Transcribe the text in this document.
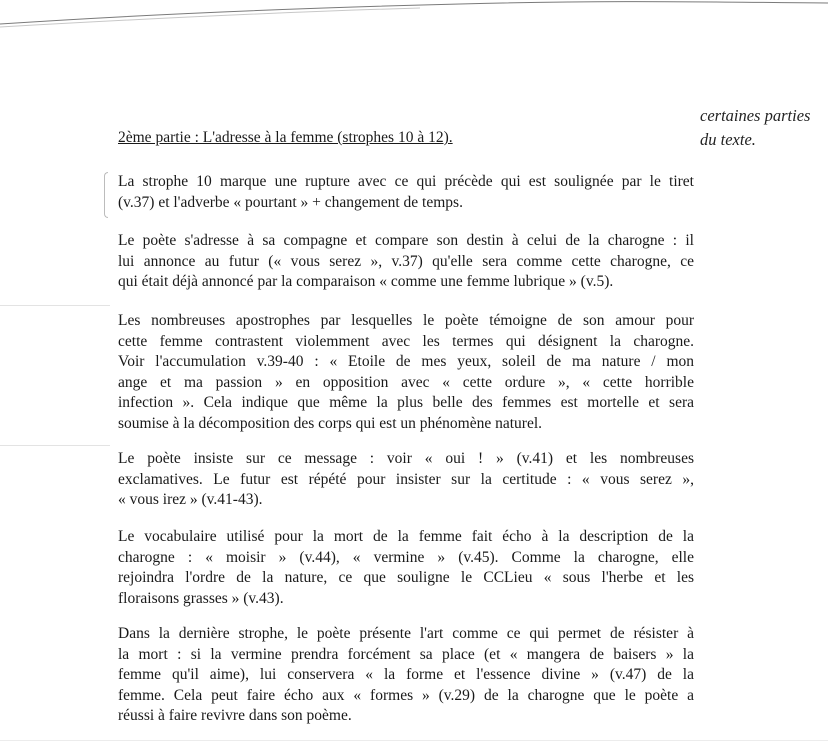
certaines parties
du texte.
2ème partie : L'adresse à la femme (strophes 10 à 12).
La strophe 10 marque une rupture avec ce qui précède qui est soulignée par le tiret
(v.37) et l'adverbe « pourtant » + changement de temps.
Le poète s'adresse à sa compagne et compare son destin à celui de la charogne : il
lui annonce au futur (« vous serez », v.37) qu'elle sera comme cette charogne, ce
qui était déjà annoncé par la comparaison « comme une femme lubrique » (v.5).
Les nombreuses apostrophes par lesquelles le poète témoigne de son amour pour
cette femme contrastent violemment avec les termes qui désignent la charogne.
Voir l'accumulation v.39-40 : « Etoile de mes yeux, soleil de ma nature / mon
ange et ma passion » en opposition avec « cette ordure », « cette horrible
infection ». Cela indique que même la plus belle des femmes est mortelle et sera
soumise à la décomposition des corps qui est un phénomène naturel.
Le poète insiste sur ce message : voir « oui ! » (v.41) et les nombreuses
exclamatives. Le futur est répété pour insister sur la certitude : « vous serez »,
« vous irez » (v.41-43).
Le vocabulaire utilisé pour la mort de la femme fait écho à la description de la
charogne : « moisir » (v.44), « vermine » (v.45). Comme la charogne, elle
rejoindra l'ordre de la nature, ce que souligne le CCLieu « sous l'herbe et les
floraisons grasses » (v.43).
Dans la dernière strophe, le poète présente l'art comme ce qui permet de résister à
la mort : si la vermine prendra forcément sa place (et « mangera de baisers » la
femme qu'il aime), lui conservera « la forme et l'essence divine » (v.47) de la
femme. Cela peut faire écho aux « formes » (v.29) de la charogne que le poète a
réussi à faire revivre dans son poème.
